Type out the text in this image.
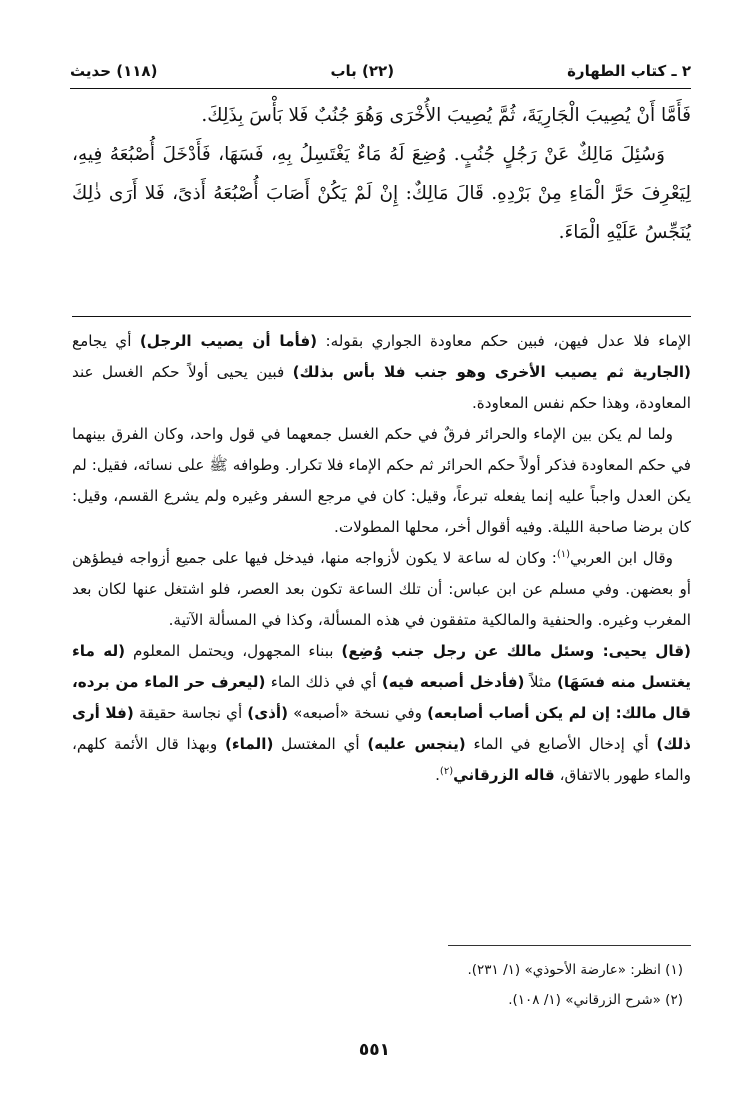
٢ ـ كتاب الطهارة
(٢٢) باب
(١١٨) حديث

فَأَمَّا أَنْ يُصِيبَ الْجَارِيَةَ، ثُمَّ يُصِيبَ الأُخْرَى وَهُوَ جُنُبٌ فَلا بَأْسَ بِذَلِكَ.

وَسُئِلَ مَالِكٌ عَنْ رَجُلٍ جُنُبٍ. وُضِعَ لَهُ مَاءٌ يَغْتَسِلُ بِهِ، فَسَهَا، فَأَدْخَلَ أُصْبُعَهُ فِيهِ، لِيَعْرِفَ حَرَّ الْمَاءِ مِنْ بَرْدِهِ. قَالَ مَالِكٌ: إِنْ لَمْ يَكُنْ أَصَابَ أُصْبُعَهُ أَذىً، فَلا أَرَى ذٰلِكَ يُنَجِّسُ عَلَيْهِ الْمَاءَ.

الإماء فلا عدل فيهن، فبين حكم معاودة الجواري بقوله: (فأما أن يصيب الرجل) أي يجامع (الجارية ثم يصيب الأخرى وهو جنب فلا بأس بذلك) فبين يحيى أولاً حكم الغسل عند المعاودة، وهذا حكم نفس المعاودة.

ولما لم يكن بين الإماء والحرائر فرقٌ في حكم الغسل جمعهما في قول واحد، وكان الفرق بينهما في حكم المعاودة فذكر أولاً حكم الحرائر ثم حكم الإماء فلا تكرار. وطوافه ﷺ على نسائه، فقيل: لم يكن العدل واجباً عليه إنما يفعله تبرعاً، وقيل: كان في مرجع السفر وغيره ولم يشرع القسم، وقيل: كان برضا صاحبة الليلة. وفيه أقوال أخر، محلها المطولات.

وقال ابن العربي$^{(١)}$: وكان له ساعة لا يكون لأزواجه منها، فيدخل فيها على جميع أزواجه فيطؤهن أو بعضهن. وفي مسلم عن ابن عباس: أن تلك الساعة تكون بعد العصر، فلو اشتغل عنها لكان بعد المغرب وغيره. والحنفية والمالكية متفقون في هذه المسألة، وكذا في المسألة الآتية.

(قال يحيى: وسئل مالك عن رجل جنب وُضِع) ببناء المجهول، ويحتمل المعلوم (له ماء يغتسل منه فسَهَا) مثلاً (فأدخل أصبعه فيه) أي في ذلك الماء (ليعرف حر الماء من برده، قال مالك: إن لم يكن أصاب أصابعه) وفي نسخة «أصبعه» (أذى) أي نجاسة حقيقة (فلا أرى ذلك) أي إدخال الأصابع في الماء (ينجس عليه) أي المغتسل (الماء) وبهذا قال الأئمة كلهم، والماء طهور بالاتفاق، قاله الزرقاني$^{(٢)}$.

(١) انظر: «عارضة الأحوذي» (١/ ٢٣١).
(٢) «شرح الزرقاني» (١/ ١٠٨).
٥٥١
